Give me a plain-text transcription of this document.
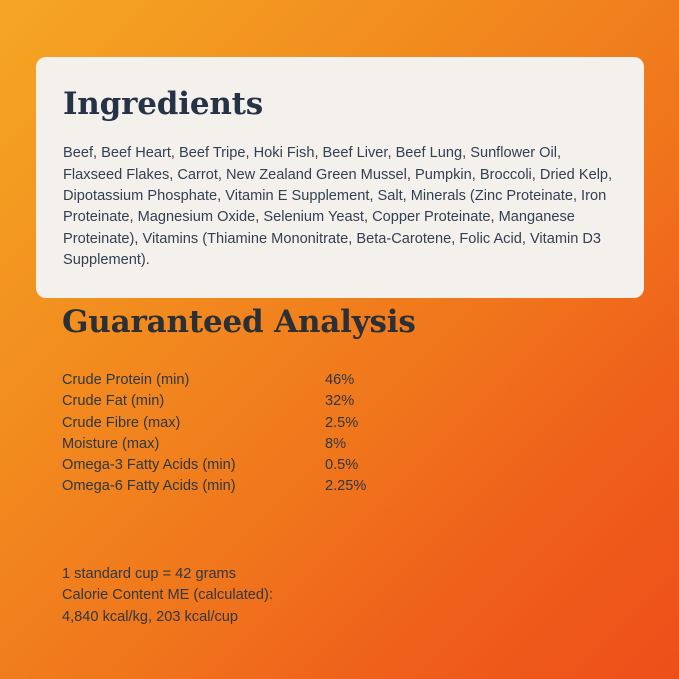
Ingredients

Beef, Beef Heart, Beef Tripe, Hoki Fish, Beef Liver, Beef Lung, Sunflower Oil, Flaxseed Flakes, Carrot, New Zealand Green Mussel, Pumpkin, Broccoli, Dried Kelp, Dipotassium Phosphate, Vitamin E Supplement, Salt, Minerals (Zinc Proteinate, Iron Proteinate, Magnesium Oxide, Selenium Yeast, Copper Proteinate, Manganese Proteinate), Vitamins (Thiamine Mononitrate, Beta-Carotene, Folic Acid, Vitamin D3 Supplement).

Guaranteed Analysis
Crude Protein (min)	46%
Crude Fat (min)	32%
Crude Fibre (max)	2.5%
Moisture (max)	8%
Omega-3 Fatty Acids (min)	0.5%
Omega-6 Fatty Acids (min)	2.25%
1 standard cup = 42 grams
Calorie Content ME (calculated):
4,840 kcal/kg, 203 kcal/cup
